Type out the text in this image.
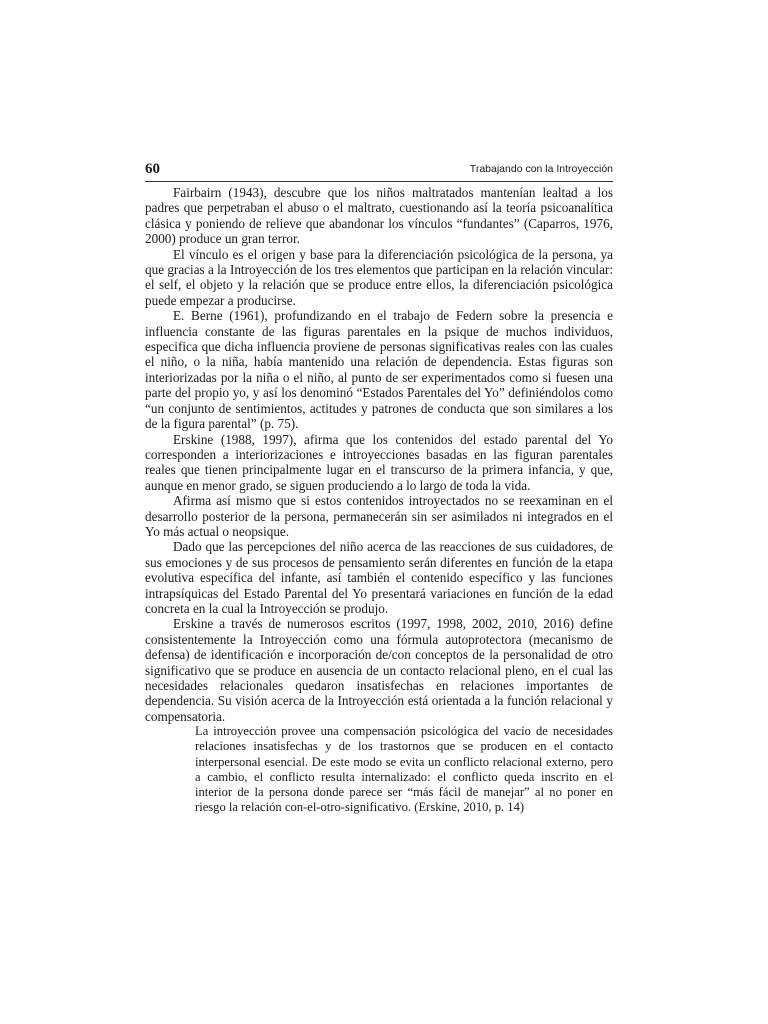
60	Trabajando con la Introyección

Fairbairn (1943), descubre que los niños maltratados mantenían lealtad a los padres que perpetraban el abuso o el maltrato, cuestionando así la teoría psicoanalítica clásica y poniendo de relieve que abandonar los vínculos “fundantes” (Caparros, 1976, 2000) produce un gran terror.

El vínculo es el origen y base para la diferenciación psicológica de la persona, ya que gracias a la Introyección de los tres elementos que participan en la relación vincular: el self, el objeto y la relación que se produce entre ellos, la diferenciación psicológica puede empezar a producirse.

E. Berne (1961), profundizando en el trabajo de Federn sobre la presencia e influencia constante de las figuras parentales en la psique de muchos individuos, especifica que dicha influencia proviene de personas significativas reales con las cuales el niño, o la niña, había mantenido una relación de dependencia. Estas figuras son interiorizadas por la niña o el niño, al punto de ser experimentados como si fuesen una parte del propio yo, y así los denominó “Estados Parentales del Yo” definiéndolos como “un conjunto de sentimientos, actitudes y patrones de conducta que son similares a los de la figura parental” (p. 75).

Erskine (1988, 1997), afirma que los contenidos del estado parental del Yo corresponden a interiorizaciones e introyecciones basadas en las figuran parentales reales que tienen principalmente lugar en el transcurso de la primera infancia, y que, aunque en menor grado, se siguen produciendo a lo largo de toda la vida.

Afirma así mismo que si estos contenidos introyectados no se reexaminan en el desarrollo posterior de la persona, permanecerán sin ser asimilados ni integrados en el Yo más actual o neopsique.

Dado que las percepciones del niño acerca de las reacciones de sus cuidadores, de sus emociones y de sus procesos de pensamiento serán diferentes en función de la etapa evolutiva específica del infante, así también el contenido específico y las funciones intrapsíquicas del Estado Parental del Yo presentará variaciones en función de la edad concreta en la cual la Introyección se produjo.

Erskine a través de numerosos escritos (1997, 1998, 2002, 2010, 2016) define consistentemente la Introyección como una fórmula autoprotectora (mecanismo de defensa) de identificación e incorporación de/con conceptos de la personalidad de otro significativo que se produce en ausencia de un contacto relacional pleno, en el cual las necesidades relacionales quedaron insatisfechas en relaciones importantes de dependencia. Su visión acerca de la Introyección está orientada a la función relacional y compensatoria.

La introyección provee una compensación psicológica del vacío de necesidades relaciones insatisfechas y de los trastornos que se producen en el contacto interpersonal esencial. De este modo se evita un conflicto relacional externo, pero a cambio, el conflicto resulta internalizado: el conflicto queda inscrito en el interior de la persona donde parece ser “más fácil de manejar” al no poner en riesgo la relación con-el-otro-significativo. (Erskine, 2010, p. 14)
